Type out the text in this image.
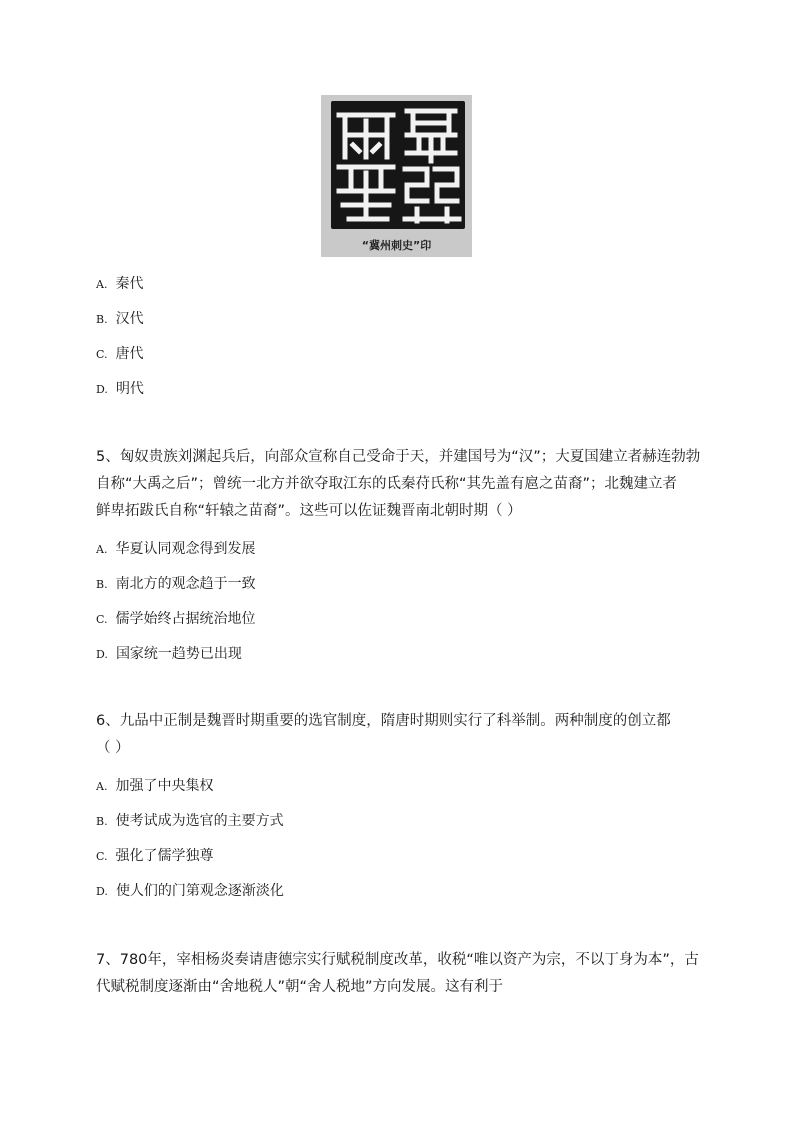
“冀州刺史”印
A. 秦代
B. 汉代
C. 唐代
D. 明代

5、匈奴贵族刘渊起兵后，向部众宣称自己受命于天，并建国号为“汉”；大夏国建立者赫连勃勃

自称“大禹之后”；曾统一北方并欲夺取江东的氐秦苻氏称“其先盖有扈之苗裔”；北魏建立者

鲜卑拓跋氏自称“轩辕之苗裔”。这些可以佐证魏晋南北朝时期（ ）

A. 华夏认同观念得到发展
B. 南北方的观念趋于一致
C. 儒学始终占据统治地位
D. 国家统一趋势已出现

6、九品中正制是魏晋时期重要的选官制度，隋唐时期则实行了科举制。两种制度的创立都

（ ）

A. 加强了中央集权
B. 使考试成为选官的主要方式
C. 强化了儒学独尊
D. 使人们的门第观念逐渐淡化

7、780年，宰相杨炎奏请唐德宗实行赋税制度改革，收税“唯以资产为宗，不以丁身为本”，古

代赋税制度逐渐由“舍地税人”朝“舍人税地”方向发展。这有利于
